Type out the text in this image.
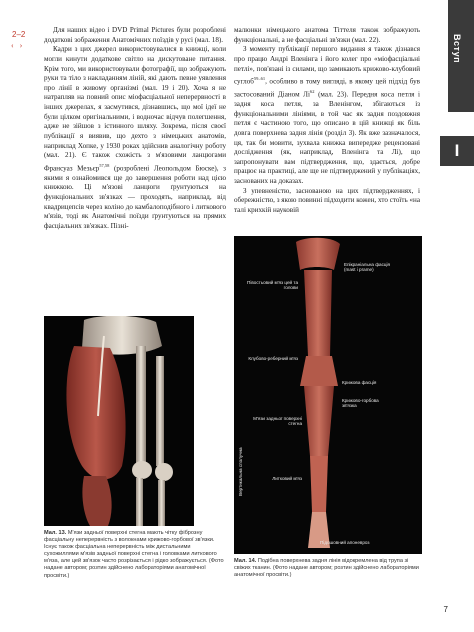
Вступ
I
2–2
‹ ›

Для наших відео і DVD Primal Pictures були розроблені додаткові зображення Анатомічних поїздів у русі (мал. 18).

Кадри з цих джерел використовувалися в книжці, коли могли кинути додаткове світло на дискутоване питання. Крім того, ми використовували фотографії, що зображують руки та тіло з накладанням ліній, які дають певне уявлення про лінії в живому організмі (мал. 19 і 20). Хоча я не натрапляв на повний опис міофасціальної неперервності в інших джерелах, я засмутився, дізнавшись, що мої ідеї не були цілком оригінальними, і водночас відчув полегшення, адже не зійшов з істинного шляху. Зокрема, після своєї публікації я виявив, що дехто з німецьких анатомів, наприклад Хопке, у 1930 роках здійснив аналогічну роботу (мал. 21). Є також схожість з м'язовими ланцюгами Франсуаз Мезьєр$^{57,58}$ (розроблені Леопольдом Бюске), з якими я ознайомився ще до завершення роботи над цією книжкою. Ці м'язові ланцюги ґрунтуються на функціональних зв'язках — проходять, наприклад, від квадрицепсів через коліно до камбалоподібного і литкового м'язів, тоді як Анатомічні поїзди ґрунтуються на прямих фасціальних зв'язках. Пізні-

малюнки німецького анатома Тіттеля також зображують функціональні, а не фасціальні зв'язки (мал. 22).

З моменту публікації першого видання я також дізнався про працю Андрі Вленінга і його колег про «міофасціальні петлі», пов'язані із силами, що замикають крижово-клубовий суглоб$^{59-61}$, особливо в тому вигляді, в якому цей підхід був застосований Діаном $Лі^{62}$ (мал. 23). Передня коса петля і задня коса петля, за Вленінгом, збігаються із функціональними лініями, в той час як задня поздовжня петля є частиною того, що описано в цій книжці як біль довга поверхнева задня лінія (розділ 3). Як вже зазначалося, ця, так би мовити, зухвала книжка випередже рецензовані дослідження (як, наприклад, Вленінга та Лі), що запропонувати вам підтвердження, що, здається, добре працює на практиці, але ще не підтверджений у публікаціях, заснованих на доказах.

З упевненістю, заснованою на цих підтвердженнях, і обережністю, з якою повинні підходити кожен, хто стоїть «на талі крихкій науковій

Мал. 13. М'язи задньої поверхні стегна мають чітку фіброзну фасціальну неперервність з волокнами крижово-горбової зв'язки. Існує також фасціальна неперервність між дистальними сухожиллями м'язів задньої поверхні стегна і головками литкового м'яза, але цей зв'язок часто розрізається і рідко зображується. (Фото надане автором; розтин здійснено лабораторіями анатомічної просвіти.)
Епікраніальна фасція (mast і prame)
Півостьовий м'яз цей та голови
Клубово-реберний м'яз
Крижова фасція
Крижово-горбова зв'язка
М'язи задньої поверхні стегна
Литковий м'яз
Підошовний апоневроз
Вертикальна сполучна
Мал. 14. Подібна поверхнева задня лінія відокремлена від трупа зі свіжих тканин. (Фото надане автором; розтин здійснено лабораторіями анатомічної просвіти.)
7
